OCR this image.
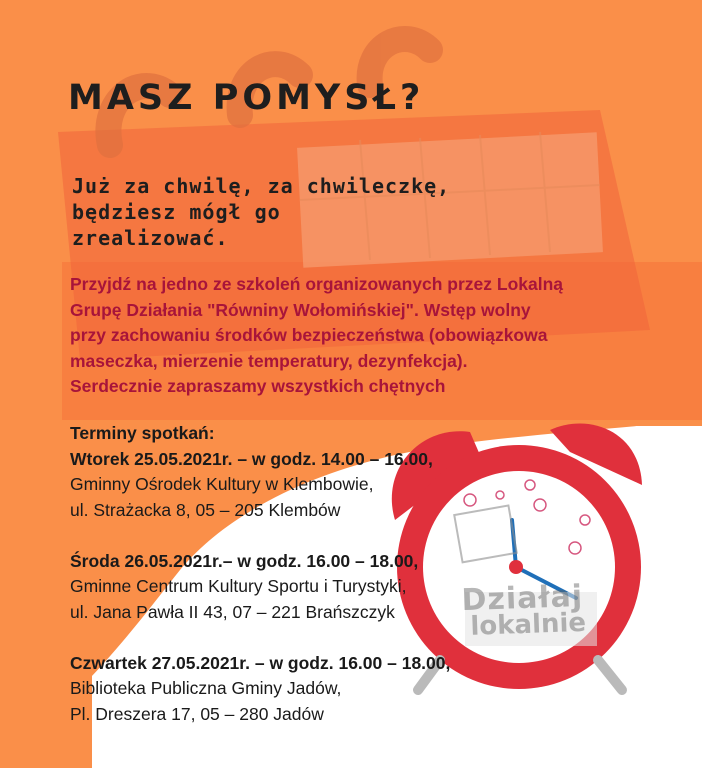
MASZ POMYSŁ?
Już za chwilę, za chwileczkę,
będziesz mógł go
zrealizować.
Przyjdź na jedno ze szkoleń organizowanych przez Lokalną
Grupę Działania "Równiny Wołomińskiej". Wstęp wolny
przy zachowaniu środków bezpieczeństwa (obowiązkowa
maseczka, mierzenie temperatury, dezynfekcja).
Serdecznie zapraszamy wszystkich chętnych
Terminy spotkań:
Wtorek 25.05.2021r. – w godz. 14.00 – 16.00,
Gminny Ośrodek Kultury w Klembowie,
ul. Strażacka 8, 05 – 205 Klembów
Środa 26.05.2021r.– w godz. 16.00 – 18.00,
Gminne Centrum Kultury Sportu i Turystyki,
ul. Jana Pawła II 43, 07 – 221 Brańszczyk
Czwartek 27.05.2021r. – w godz. 16.00 – 18.00,
Biblioteka Publiczna Gminy Jadów,
Pl. Dreszera 17, 05 – 280 Jadów
Działaj
lokalnie
